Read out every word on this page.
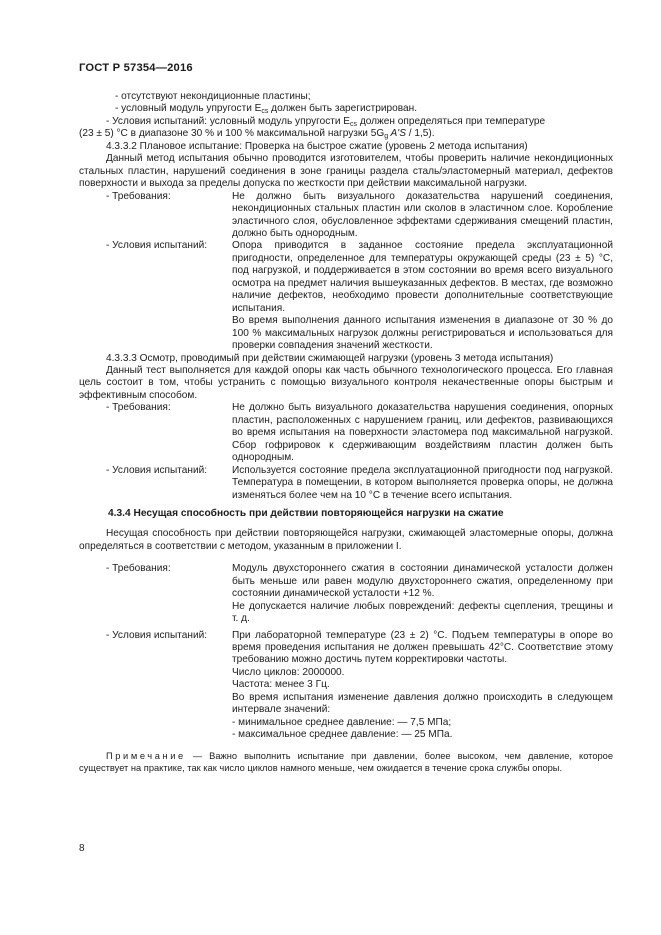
ГОСТ Р 57354—2016

- отсутствуют некондиционные пластины;

- условный модуль упругости $E_{cs}$ должен быть зарегистрирован.

- Условия испытаний: условный модуль упругости $E_{cs}$ должен определяться при температуре

(23 ± 5) °C в диапазоне 30 % и 100 % максимальной нагрузки $5G_g$ A'S / 1,5).

4.3.3.2 Плановое испытание: Проверка на быстрое сжатие (уровень 2 метода испытания)

Данный метод испытания обычно проводится изготовителем, чтобы проверить наличие некондиционных стальных пластин, нарушений соединения в зоне границы раздела сталь/эластомерный материал, дефектов поверхности и выхода за пределы допуска по жесткости при действии максимальной нагрузки.

- Требования:	Не должно быть визуального доказательства нарушений соединения, некондиционных стальных пластин или сколов в эластичном слое. Коробление эластичного слоя, обусловленное эффектами сдерживания смещений пластин, должно быть однородным.

- Условия испытаний:	Опора приводится в заданное состояние предела эксплуатационной пригодности, определенное для температуры окружающей среды (23 ± 5) °C, под нагрузкой, и поддерживается в этом состоянии во время всего визуального осмотра на предмет наличия вышеуказанных дефектов. В местах, где возможно наличие дефектов, необходимо провести дополнительные соответствующие испытания.

Во время выполнения данного испытания изменения в диапазоне от 30 % до 100 % максимальных нагрузок должны регистрироваться и использоваться для проверки совпадения значений жесткости.

4.3.3.3 Осмотр, проводимый при действии сжимающей нагрузки (уровень 3 метода испытания)

Данный тест выполняется для каждой опоры как часть обычного технологического процесса. Его главная цель состоит в том, чтобы устранить с помощью визуального контроля некачественные опоры быстрым и эффективным способом.

- Требования:	Не должно быть визуального доказательства нарушения соединения, опорных пластин, расположенных с нарушением границ, или дефектов, развивающихся во время испытания на поверхности эластомера под максимальной нагрузкой. Сбор гофрировок к сдерживающим воздействиям пластин должен быть однородным.

- Условия испытаний:	Используется состояние предела эксплуатационной пригодности под нагрузкой. Температура в помещении, в котором выполняется проверка опоры, не должна изменяться более чем на 10 °C в течение всего испытания.

4.3.4 Несущая способность при действии повторяющейся нагрузки на сжатие

Несущая способность при действии повторяющейся нагрузки, сжимающей эластомерные опоры, должна определяться в соответствии с методом, указанным в приложении I.

- Требования:	Модуль двухстороннего сжатия в состоянии динамической усталости должен быть меньше или равен модулю двухстороннего сжатия, определенному при состоянии динамической усталости +12 %.

Не допускается наличие любых повреждений: дефекты сцепления, трещины и т. д.

- Условия испытаний:	При лабораторной температуре (23 ± 2) °C. Подъем температуры в опоре во время проведения испытания не должен превышать 42°C. Соответствие этому требованию можно достичь путем корректировки частоты.

Число циклов: 2000000.

Частота: менее 3 Гц.

Во время испытания изменение давления должно происходить в следующем интервале значений:

- минимальное среднее давление: — 7,5 МПа;

- максимальное среднее давление: — 25 МПа.

Примечание — Важно выполнить испытание при давлении, более высоком, чем давление, которое существует на практике, так как число циклов намного меньше, чем ожидается в течение срока службы опоры.

8
